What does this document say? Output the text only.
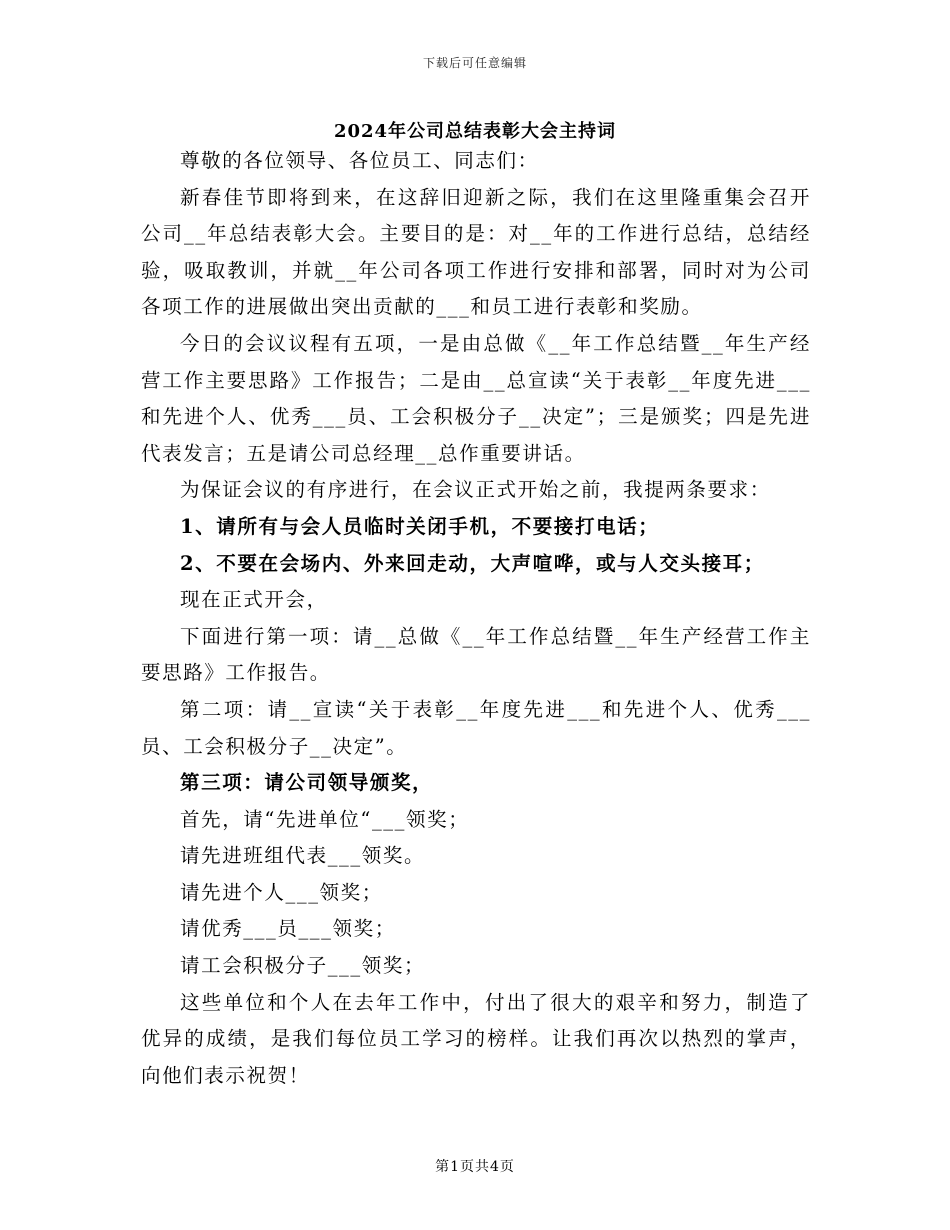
下载后可任意编辑
2024年公司总结表彰大会主持词

尊敬的各位领导、各位员工、同志们：

新春佳节即将到来，在这辞旧迎新之际，我们在这里隆重集会召开公司__年总结表彰大会。主要目的是：对__年的工作进行总结，总结经验，吸取教训，并就__年公司各项工作进行安排和部署，同时对为公司各项工作的进展做出突出贡献的___和员工进行表彰和奖励。

今日的会议议程有五项，一是由总做《__年工作总结暨__年生产经营工作主要思路》工作报告；二是由__总宣读“关于表彰__年度先进___和先进个人、优秀___员、工会积极分子__决定”；三是颁奖；四是先进代表发言；五是请公司总经理__总作重要讲话。

为保证会议的有序进行，在会议正式开始之前，我提两条要求：

1、请所有与会人员临时关闭手机，不要接打电话；

2、不要在会场内、外来回走动，大声喧哗，或与人交头接耳；

现在正式开会，

下面进行第一项：请__总做《__年工作总结暨__年生产经营工作主要思路》工作报告。

第二项：请__宣读“关于表彰__年度先进___和先进个人、优秀___员、工会积极分子__决定”。

第三项：请公司领导颁奖，

首先，请“先进单位“___领奖；

请先进班组代表___领奖。

请先进个人___领奖；

请优秀___员___领奖；

请工会积极分子___领奖；

这些单位和个人在去年工作中，付出了很大的艰辛和努力，制造了优异的成绩，是我们每位员工学习的榜样。让我们再次以热烈的掌声，向他们表示祝贺！

第1页共4页
